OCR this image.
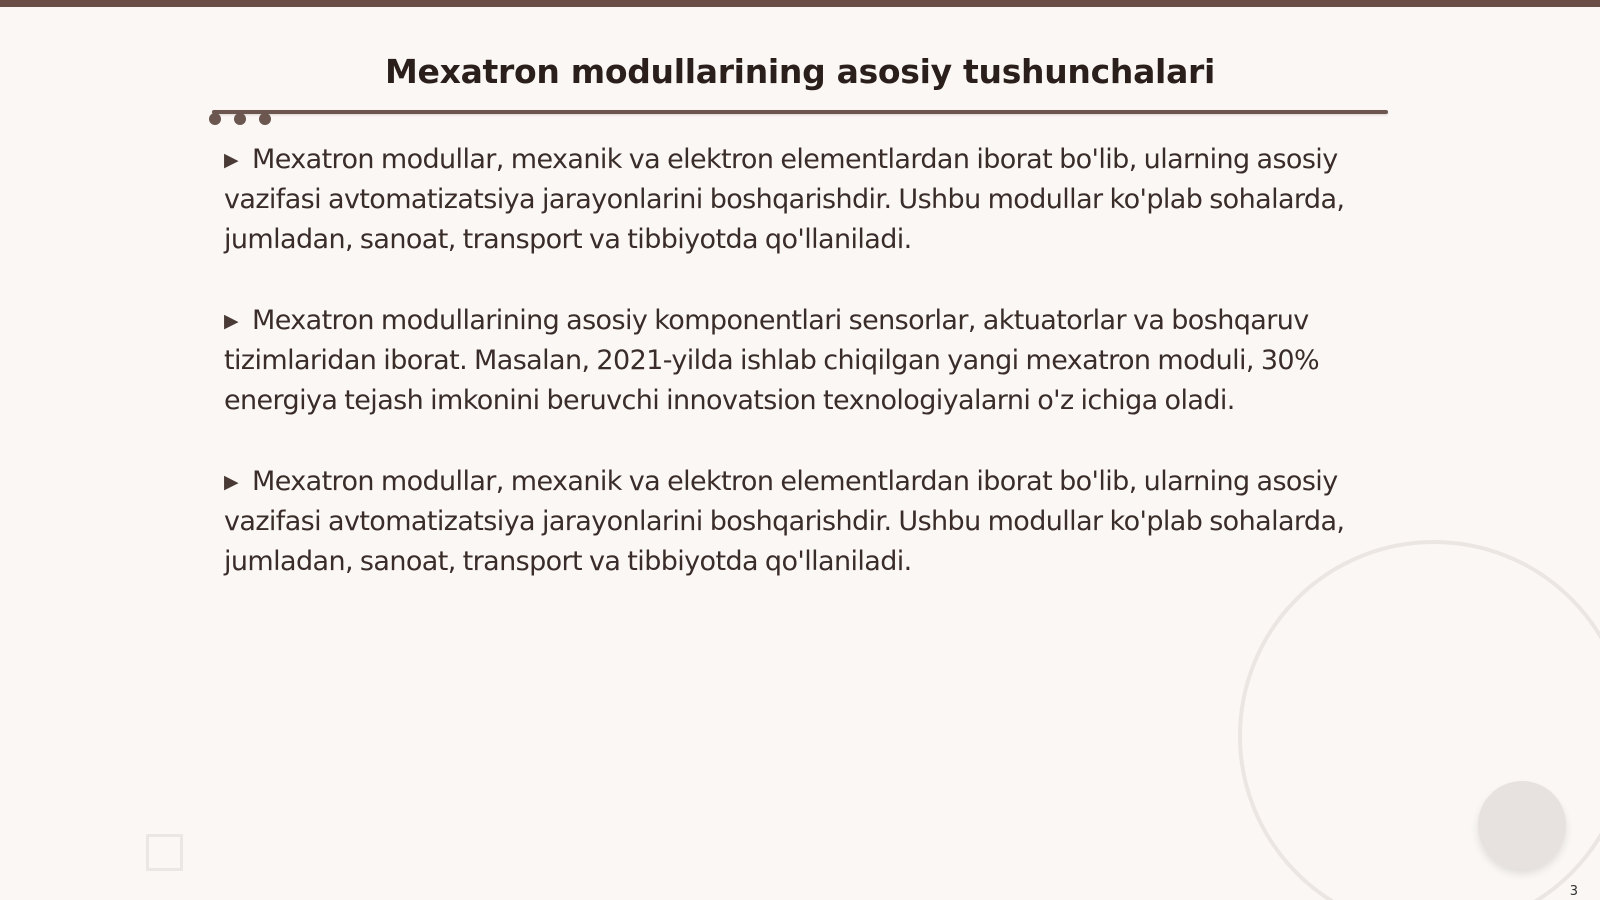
Mexatron modullarining asosiy tushunchalari

▶ Mexatron modullar, mexanik va elektron elementlardan iborat bo'lib, ularning asosiy vazifasi avtomatizatsiya jarayonlarini boshqarishdir. Ushbu modullar ko'plab sohalarda, jumladan, sanoat, transport va tibbiyotda qo'llaniladi.

▶ Mexatron modullarining asosiy komponentlari sensorlar, aktuatorlar va boshqaruv tizimlaridan iborat. Masalan, 2021-yilda ishlab chiqilgan yangi mexatron moduli, 30% energiya tejash imkonini beruvchi innovatsion texnologiyalarni o'z ichiga oladi.

▶ Mexatron modullar, mexanik va elektron elementlardan iborat bo'lib, ularning asosiy vazifasi avtomatizatsiya jarayonlarini boshqarishdir. Ushbu modullar ko'plab sohalarda, jumladan, sanoat, transport va tibbiyotda qo'llaniladi.

3
